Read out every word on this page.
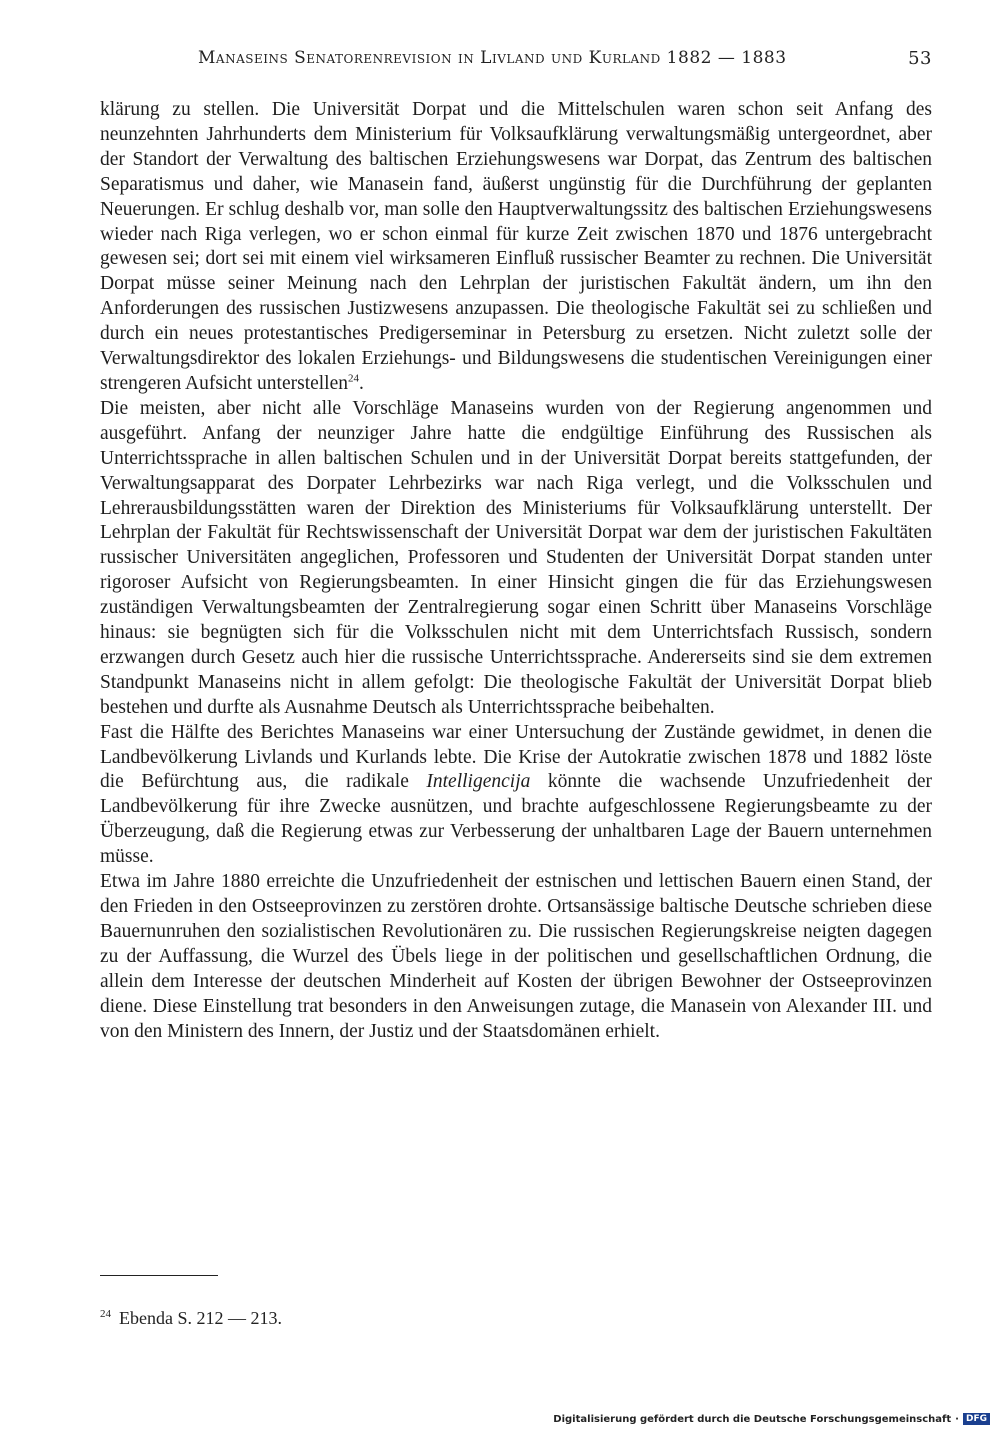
Manaseins Senatorenrevision in Livland und Kurland 1882 — 1883	53

klärung zu stellen. Die Universität Dorpat und die Mittelschulen waren schon seit Anfang des neunzehnten Jahrhunderts dem Ministerium für Volksaufklärung verwaltungsmäßig untergeordnet, aber der Standort der Verwaltung des baltischen Erziehungswesens war Dorpat, das Zentrum des baltischen Separatismus und daher, wie Manasein fand, äußerst ungünstig für die Durchführung der geplanten Neuerungen. Er schlug deshalb vor, man solle den Hauptverwaltungssitz des baltischen Erziehungswesens wieder nach Riga verlegen, wo er schon einmal für kurze Zeit zwischen 1870 und 1876 untergebracht gewesen sei; dort sei mit einem viel wirksameren Einfluß russischer Beamter zu rechnen. Die Universität Dorpat müsse seiner Meinung nach den Lehrplan der juristischen Fakultät ändern, um ihn den Anforderungen des russischen Justizwesens anzupassen. Die theologische Fakultät sei zu schließen und durch ein neues protestantisches Predigerseminar in Petersburg zu ersetzen. Nicht zuletzt solle der Verwaltungsdirektor des lokalen Erziehungs- und Bildungswesens die studentischen Vereinigungen einer strengeren Aufsicht unterstellen$^{24}$.

Die meisten, aber nicht alle Vorschläge Manaseins wurden von der Regierung angenommen und ausgeführt. Anfang der neunziger Jahre hatte die endgültige Einführung des Russischen als Unterrichtssprache in allen baltischen Schulen und in der Universität Dorpat bereits stattgefunden, der Verwaltungsapparat des Dorpater Lehrbezirks war nach Riga verlegt, und die Volksschulen und Lehrerausbildungsstätten waren der Direktion des Ministeriums für Volksaufklärung unterstellt. Der Lehrplan der Fakultät für Rechtswissenschaft der Universität Dorpat war dem der juristischen Fakultäten russischer Universitäten angeglichen, Professoren und Studenten der Universität Dorpat standen unter rigoroser Aufsicht von Regierungsbeamten. In einer Hinsicht gingen die für das Erziehungswesen zuständigen Verwaltungsbeamten der Zentralregierung sogar einen Schritt über Manaseins Vorschläge hinaus: sie begnügten sich für die Volksschulen nicht mit dem Unterrichtsfach Russisch, sondern erzwangen durch Gesetz auch hier die russische Unterrichtssprache. Andererseits sind sie dem extremen Standpunkt Manaseins nicht in allem gefolgt: Die theologische Fakultät der Universität Dorpat blieb bestehen und durfte als Ausnahme Deutsch als Unterrichtssprache beibehalten.

Fast die Hälfte des Berichtes Manaseins war einer Untersuchung der Zustände gewidmet, in denen die Landbevölkerung Livlands und Kurlands lebte. Die Krise der Autokratie zwischen 1878 und 1882 löste die Befürchtung aus, die radikale Intelligencija könnte die wachsende Unzufriedenheit der Landbevölkerung für ihre Zwecke ausnützen, und brachte aufgeschlossene Regierungsbeamte zu der Überzeugung, daß die Regierung etwas zur Verbesserung der unhaltbaren Lage der Bauern unternehmen müsse.

Etwa im Jahre 1880 erreichte die Unzufriedenheit der estnischen und lettischen Bauern einen Stand, der den Frieden in den Ostseeprovinzen zu zerstören drohte. Ortsansässige baltische Deutsche schrieben diese Bauernunruhen den sozialistischen Revolutionären zu. Die russischen Regierungskreise neigten dagegen zu der Auffassung, die Wurzel des Übels liege in der politischen und gesellschaftlichen Ordnung, die allein dem Interesse der deutschen Minderheit auf Kosten der übrigen Bewohner der Ostseeprovinzen diene. Diese Einstellung trat besonders in den Anweisungen zutage, die Manasein von Alexander III. und von den Ministern des Innern, der Justiz und der Staatsdomänen erhielt.

$^{24}$ Ebenda S. 212 — 213.
Digitalisierung gefördert durch die Deutsche Forschungsgemeinschaft · DFG
